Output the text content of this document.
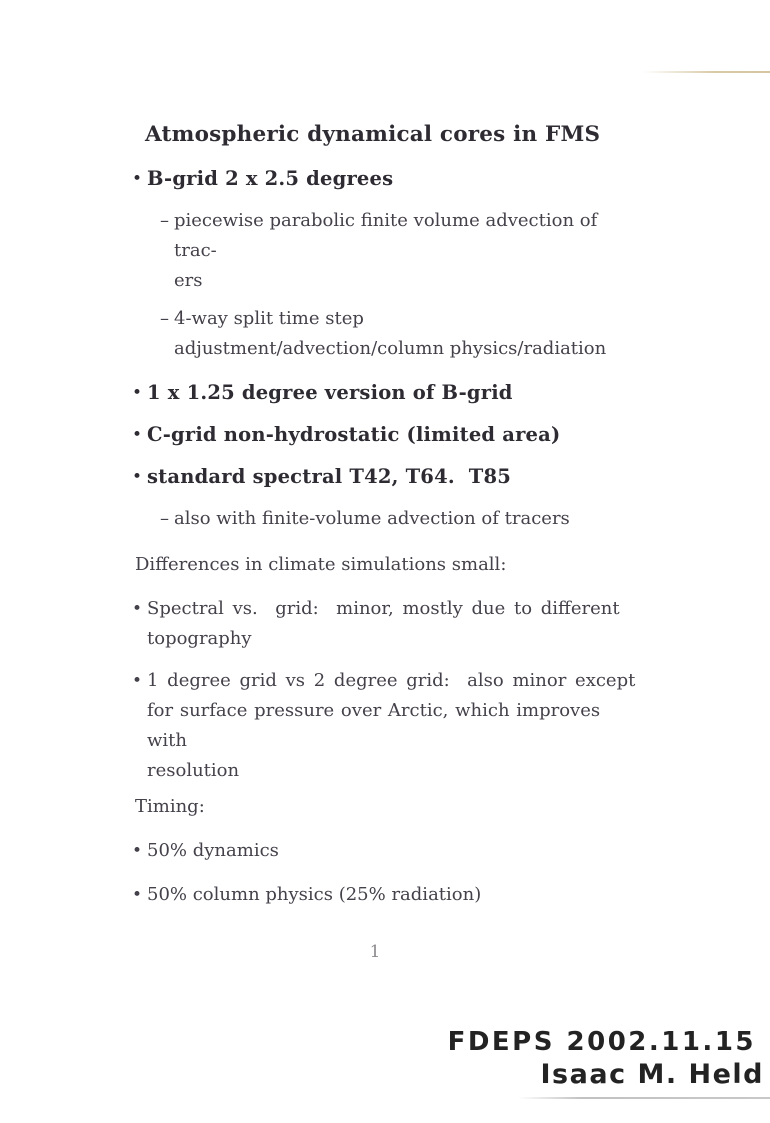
Atmospheric dynamical cores in FMS
• B-grid 2 x 2.5 degrees
– piecewise parabolic finite volume advection of trac-
ers
– 4-way split time step
adjustment/advection/column physics/radiation
• 1 x 1.25 degree version of B-grid
• C-grid non-hydrostatic (limited area)
• standard spectral T42, T64.  T85
– also with finite-volume advection of tracers
Differences in climate simulations small:
• Spectral vs.  grid:  minor, mostly due to different
topography
• 1 degree grid vs 2 degree grid:  also minor except
for surface pressure over Arctic, which improves with
resolution
Timing:
• 50% dynamics
• 50% column physics (25% radiation)
1
FDEPS 2002.11.15
Isaac M. Held
